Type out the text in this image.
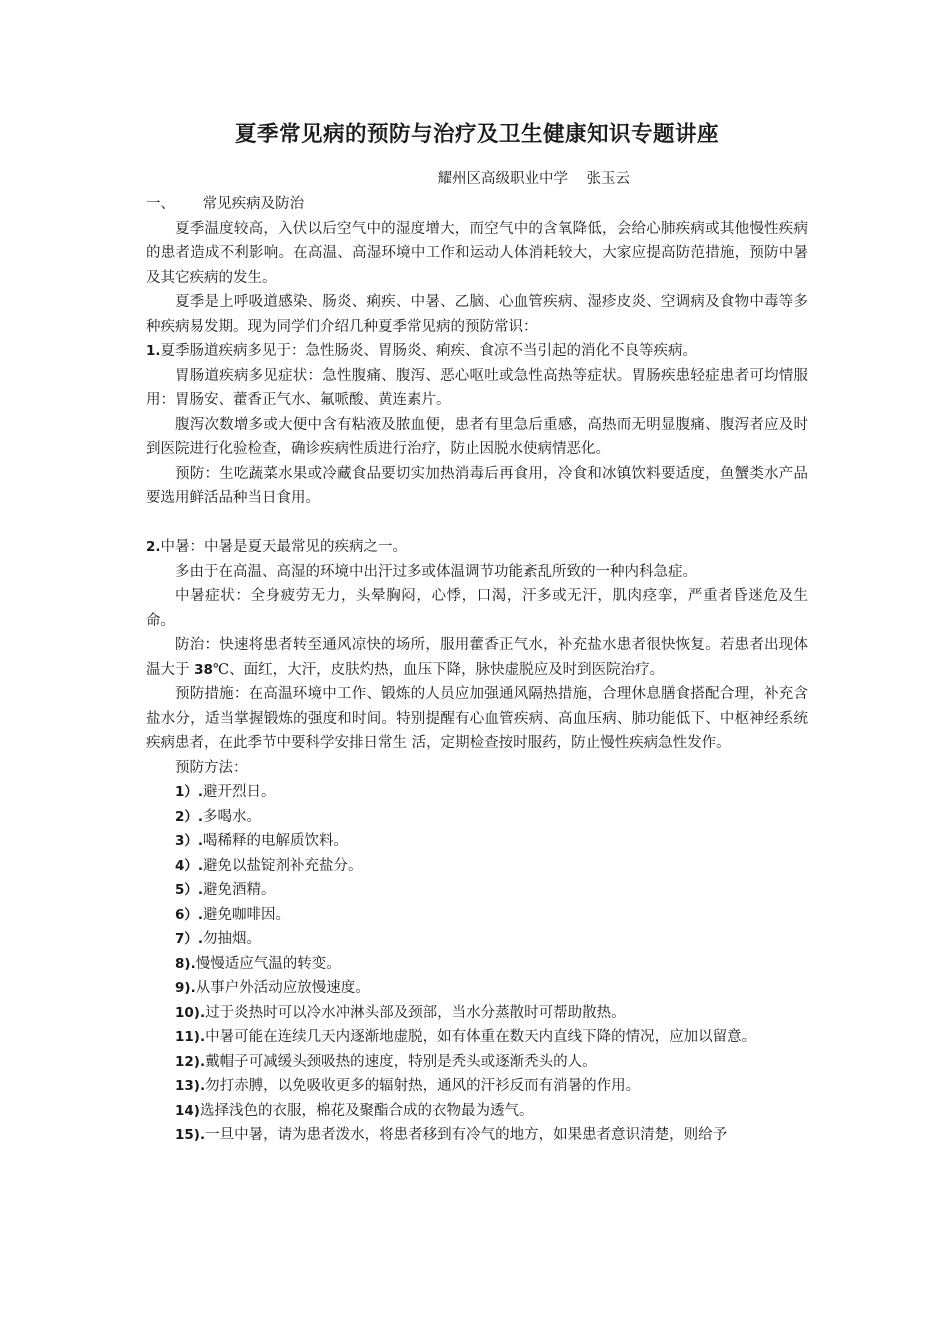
夏季常见病的预防与治疗及卫生健康知识专题讲座
耀州区高级职业中学    张玉云
一、 常见疾病及防治

夏季温度较高，入伏以后空气中的湿度增大，而空气中的含氧降低，会给心肺疾病或其他慢性疾病的患者造成不利影响。在高温、高湿环境中工作和运动人体消耗较大，大家应提高防范措施，预防中暑及其它疾病的发生。

夏季是上呼吸道感染、肠炎、痢疾、中暑、乙脑、心血管疾病、湿疹皮炎、空调病及食物中毒等多种疾病易发期。现为同学们介绍几种夏季常见病的预防常识：

1.夏季肠道疾病多见于：急性肠炎、胃肠炎、痢疾、食凉不当引起的消化不良等疾病。

胃肠道疾病多见症状：急性腹痛、腹泻、恶心呕吐或急性高热等症状。胃肠疾患轻症患者可均情服用：胃肠安、藿香正气水、氟哌酸、黄连素片。

腹泻次数增多或大便中含有粘液及脓血便，患者有里急后重感，高热而无明显腹痛、腹泻者应及时到医院进行化验检查，确诊疾病性质进行治疗，防止因脱水使病情恶化。

预防：生吃蔬菜水果或冷藏食品要切实加热消毒后再食用，冷食和冰镇饮料要适度，鱼蟹类水产品要选用鲜活品种当日食用。

2.中暑：中暑是夏天最常见的疾病之一。

多由于在高温、高湿的环境中出汗过多或体温调节功能紊乱所致的一种内科急症。

中暑症状：全身疲劳无力，头晕胸闷，心悸，口渴，汗多或无汗，肌肉痉挛，严重者昏迷危及生命。

防治：快速将患者转至通风凉快的场所，服用藿香正气水，补充盐水患者很快恢复。若患者出现体温大于 38℃、面红，大汗，皮肤灼热，血压下降，脉快虚脱应及时到医院治疗。

预防措施：在高温环境中工作、锻炼的人员应加强通风隔热措施，合理休息膳食搭配合理，补充含盐水分，适当掌握锻炼的强度和时间。特别提醒有心血管疾病、高血压病、肺功能低下、中枢神经系统疾病患者，在此季节中要科学安排日常生 活，定期检查按时服药，防止慢性疾病急性发作。

预防方法：

1）.避开烈日。

2）.多喝水。

3）.喝稀释的电解质饮料。

4）.避免以盐锭剂补充盐分。

5）.避免酒精。

6）.避免咖啡因。

7）.勿抽烟。

8).慢慢适应气温的转变。

9).从事户外活动应放慢速度。

10).过于炎热时可以冷水冲淋头部及颈部，当水分蒸散时可帮助散热。

11).中暑可能在连续几天内逐渐地虚脱，如有体重在数天内直线下降的情况，应加以留意。

12).戴帽子可减缓头颈吸热的速度，特别是秃头或逐渐秃头的人。

13).勿打赤膊，以免吸收更多的辐射热，通风的汗衫反而有消暑的作用。

14)选择浅色的衣服，棉花及聚酯合成的衣物最为透气。

15).一旦中暑，请为患者泼水，将患者移到有冷气的地方，如果患者意识清楚，则给予
